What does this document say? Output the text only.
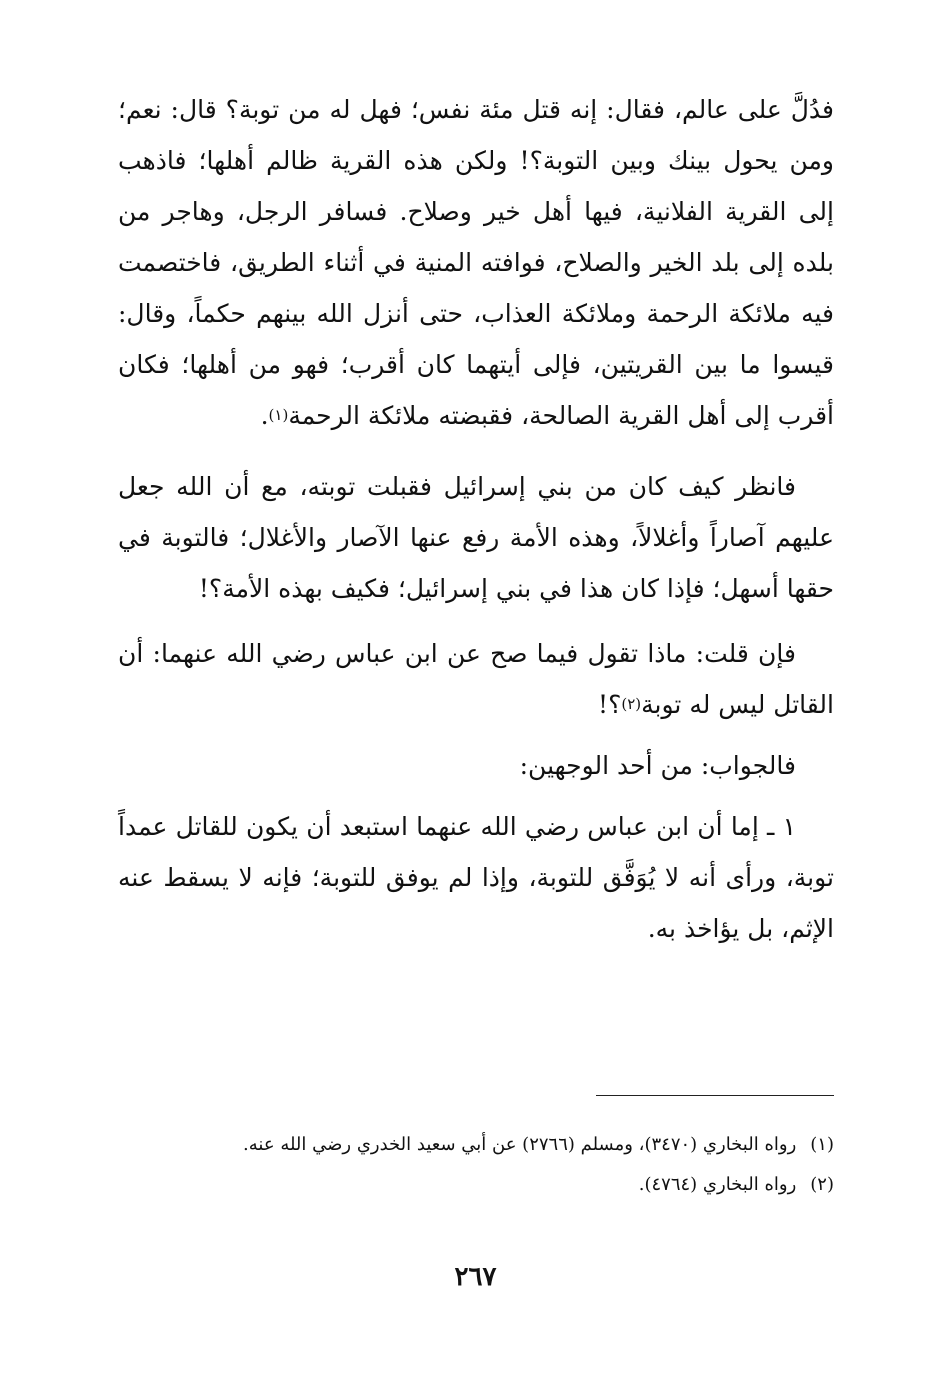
فدُلَّ على عالم، فقال: إنه قتل مئة نفس؛ فهل له من توبة؟ قال: نعم؛ ومن يحول بينك وبين التوبة؟! ولكن هذه القرية ظالم أهلها؛ فاذهب إلى القرية الفلانية، فيها أهل خير وصلاح. فسافر الرجل، وهاجر من بلده إلى بلد الخير والصلاح، فوافته المنية في أثناء الطريق، فاختصمت فيه ملائكة الرحمة وملائكة العذاب، حتى أنزل الله بينهم حكماً، وقال: قيسوا ما بين القريتين، فإلى أيتهما كان أقرب؛ فهو من أهلها؛ فكان أقرب إلى أهل القرية الصالحة، فقبضته ملائكة الرحمة$^{(١)}$.

فانظر كيف كان من بني إسرائيل فقبلت توبته، مع أن الله جعل عليهم آصاراً وأغلالاً، وهذه الأمة رفع عنها الآصار والأغلال؛ فالتوبة في حقها أسهل؛ فإذا كان هذا في بني إسرائيل؛ فكيف بهذه الأمة؟!

فإن قلت: ماذا تقول فيما صح عن ابن عباس رضي الله عنهما: أن القاتل ليس له توبة$^{(٢)}$؟!

فالجواب: من أحد الوجهين:

١ ـ إما أن ابن عباس رضي الله عنهما استبعد أن يكون للقاتل عمداً توبة، ورأى أنه لا يُوَفَّق للتوبة، وإذا لم يوفق للتوبة؛ فإنه لا يسقط عنه الإثم، بل يؤاخذ به.

(١)رواه البخاري (٣٤٧٠)، ومسلم (٢٧٦٦) عن أبي سعيد الخدري رضي الله عنه.

(٢)رواه البخاري (٤٧٦٤).

٢٦٧
